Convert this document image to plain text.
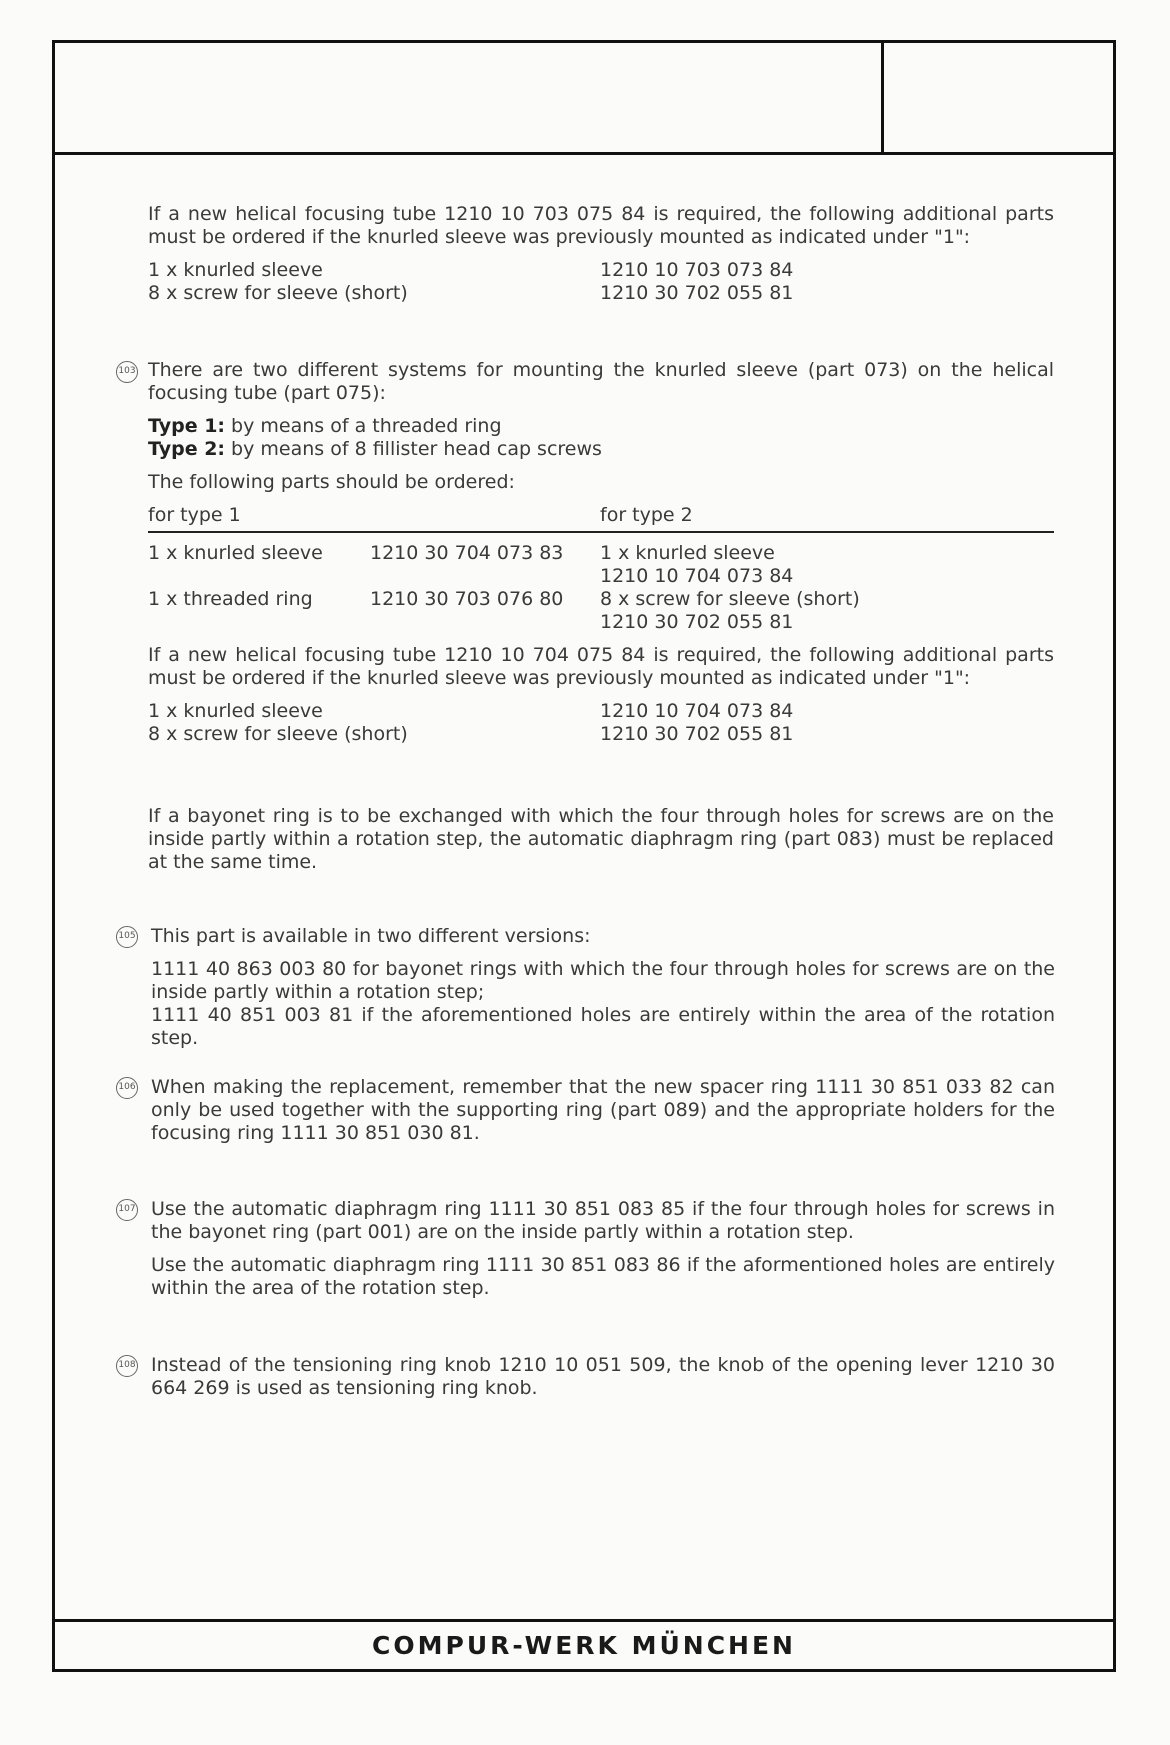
If a new helical focusing tube 1210 10 703 075 84 is required, the following additional parts must be ordered if the knurled sleeve was previously mounted as indicated under "1":

1 x knurled sleeve	1210 10 703 073 84
8 x screw for sleeve (short)	1210 30 702 055 81
103 There are two different systems for mounting the knurled sleeve (part 073) on the helical focusing tube (part 075):

Type 1: by means of a threaded ring
Type 2: by means of 8 fillister head cap screws

The following parts should be ordered:

for type 1	for type 2
1 x knurled sleeve	1210 30 704 073 83	1 x knurled sleeve
1210 10 704 073 84
1 x threaded ring	1210 30 703 076 80	8 x screw for sleeve (short)
1210 30 702 055 81

If a new helical focusing tube 1210 10 704 075 84 is required, the following additional parts must be ordered if the knurled sleeve was previously mounted as indicated under "1":

1 x knurled sleeve	1210 10 704 073 84
8 x screw for sleeve (short)	1210 30 702 055 81

If a bayonet ring is to be exchanged with which the four through holes for screws are on the inside partly within a rotation step, the automatic diaphragm ring (part 083) must be replaced at the same time.

105 This part is available in two different versions:

1111 40 863 003 80 for bayonet rings with which the four through holes for screws are on the inside partly within a rotation step;

1111 40 851 003 81 if the aforementioned holes are entirely within the area of the rotation step.

106 When making the replacement, remember that the new spacer ring 1111 30 851 033 82 can only be used together with the supporting ring (part 089) and the appropriate holders for the focusing ring 1111 30 851 030 81.

107 Use the automatic diaphragm ring 1111 30 851 083 85 if the four through holes for screws in the bayonet ring (part 001) are on the inside partly within a rotation step.

Use the automatic diaphragm ring 1111 30 851 083 86 if the aformentioned holes are entirely within the area of the rotation step.

108 Instead of the tensioning ring knob 1210 10 051 509, the knob of the opening lever 1210 30 664 269 is used as tensioning ring knob.

COMPUR-WERK MÜNCHEN
